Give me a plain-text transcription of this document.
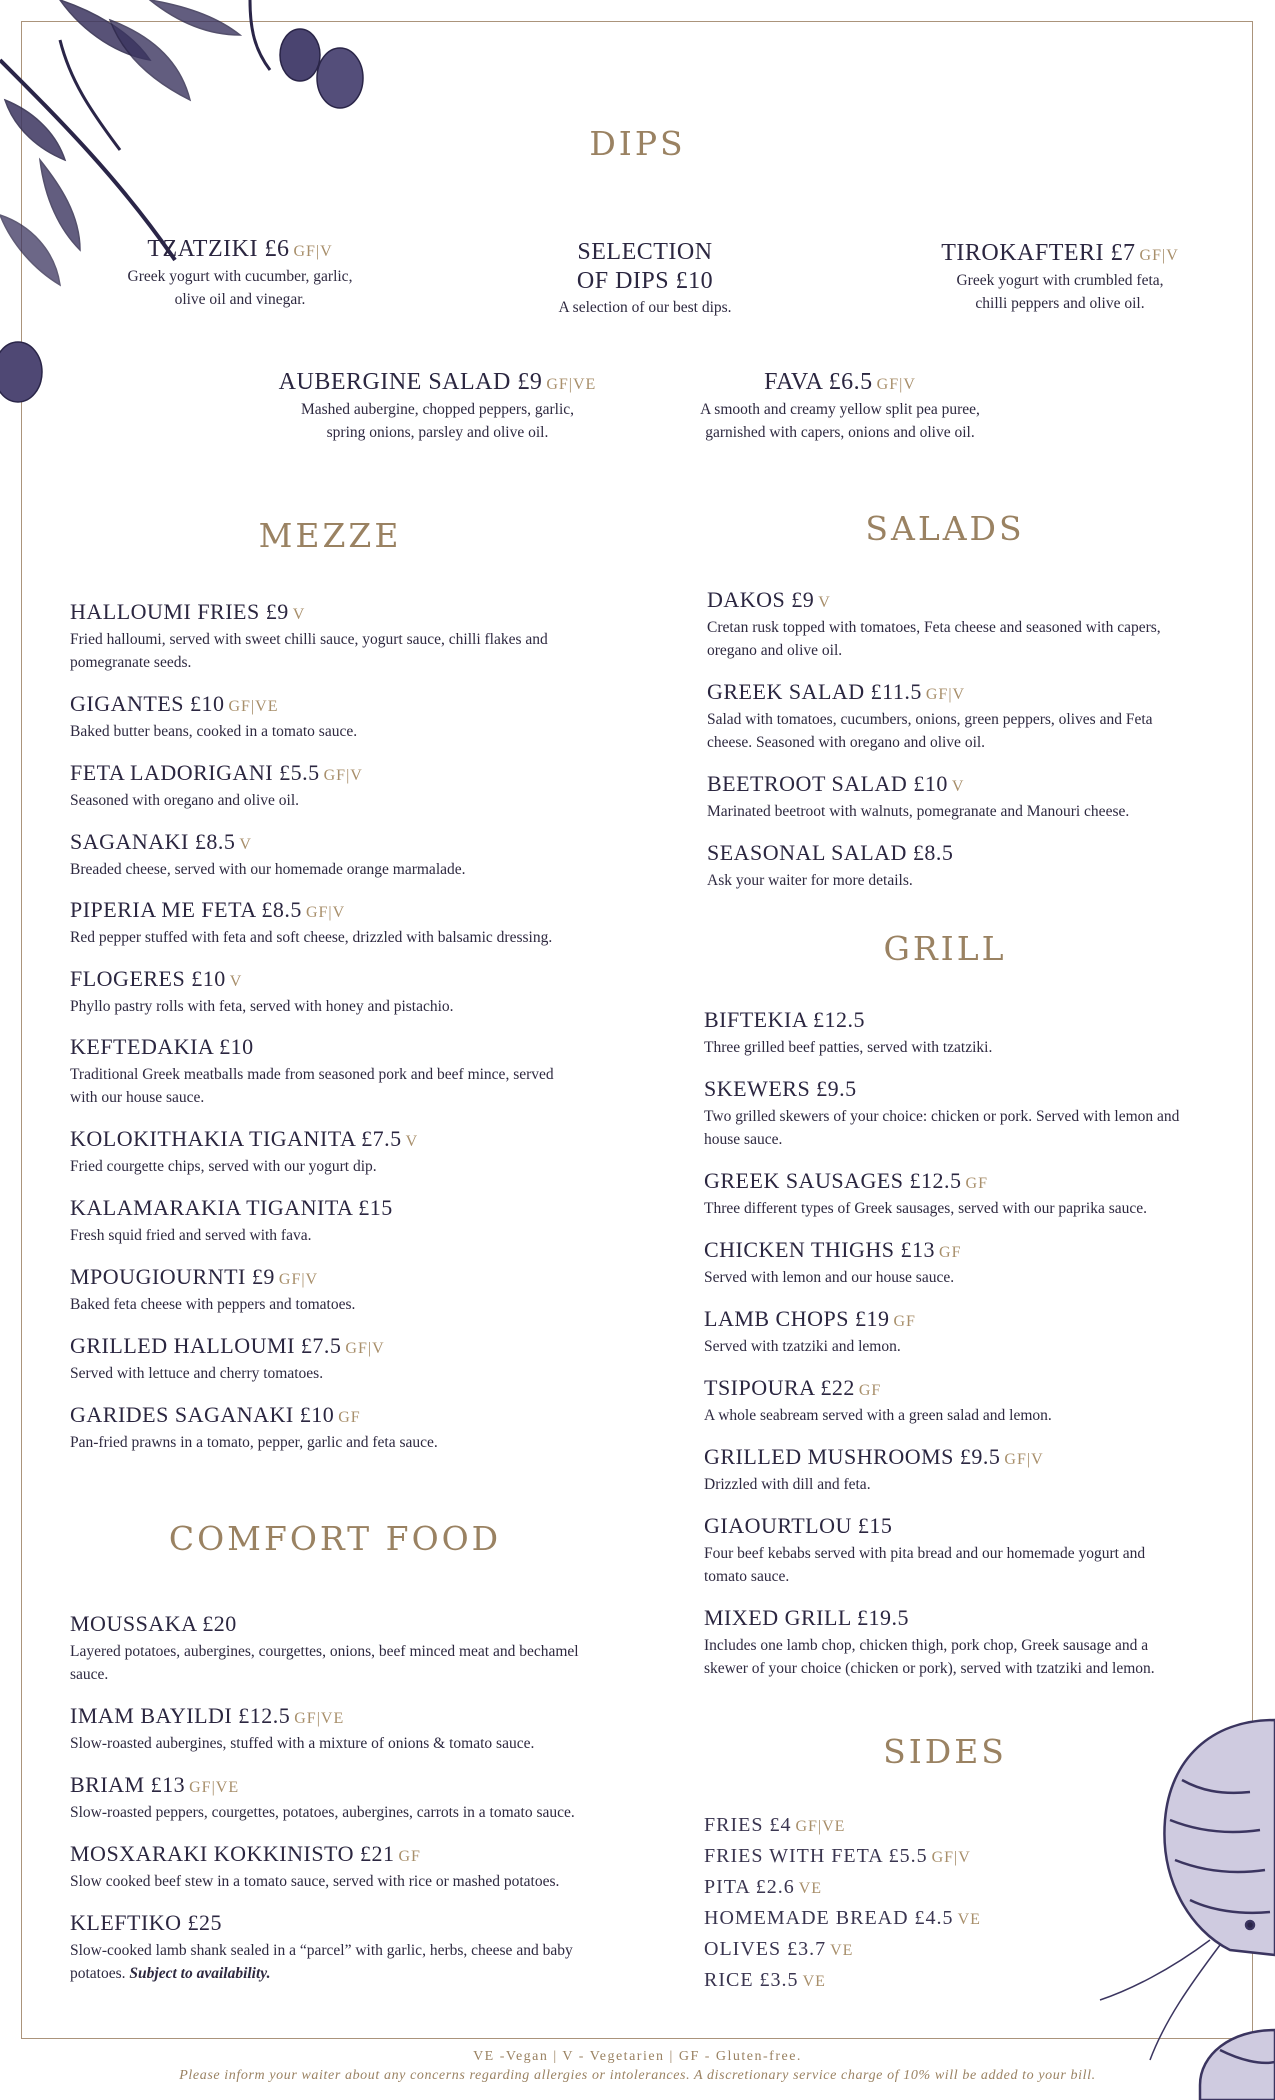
DIPS
TZATZIKI £6 GF|V
Greek yogurt with cucumber, garlic,
olive oil and vinegar.
SELECTION
OF DIPS £10
A selection of our best dips.
TIROKAFTERI £7 GF|V
Greek yogurt with crumbled feta,
chilli peppers and olive oil.
AUBERGINE SALAD £9 GF|VE
Mashed aubergine, chopped peppers, garlic,
spring onions, parsley and olive oil.
FAVA £6.5 GF|V
A smooth and creamy yellow split pea puree,
garnished with capers, onions and olive oil.
MEZZE
HALLOUMI FRIES £9 V
Fried halloumi, served with sweet chilli sauce, yogurt sauce, chilli flakes and pomegranate seeds.
GIGANTES £10 GF|VE
Baked butter beans, cooked in a tomato sauce.
FETA LADORIGANI £5.5 GF|V
Seasoned with oregano and olive oil.
SAGANAKI £8.5 V
Breaded cheese, served with our homemade orange marmalade.
PIPERIA ME FETA £8.5 GF|V
Red pepper stuffed with feta and soft cheese, drizzled with balsamic dressing.
FLOGERES £10 V
Phyllo pastry rolls with feta, served with honey and pistachio.
KEFTEDAKIA £10
Traditional Greek meatballs made from seasoned pork and beef mince, served with our house sauce.
KOLOKITHAKIA TIGANITA £7.5 V
Fried courgette chips, served with our yogurt dip.
KALAMARAKIA TIGANITA £15
Fresh squid fried and served with fava.
MPOUGIOURNTI £9 GF|V
Baked feta cheese with peppers and tomatoes.
GRILLED HALLOUMI £7.5 GF|V
Served with lettuce and cherry tomatoes.
GARIDES SAGANAKI £10 GF
Pan-fried prawns in a tomato, pepper, garlic and feta sauce.
COMFORT FOOD
MOUSSAKA £20
Layered potatoes, aubergines, courgettes, onions, beef minced meat and bechamel sauce.
IMAM BAYILDI £12.5 GF|VE
Slow-roasted aubergines, stuffed with a mixture of onions & tomato sauce.
BRIAM £13 GF|VE
Slow-roasted peppers, courgettes, potatoes, aubergines, carrots in a tomato sauce.
MOSXARAKI KOKKINISTO £21 GF
Slow cooked beef stew in a tomato sauce, served with rice or mashed potatoes.
KLEFTIKO £25
Slow-cooked lamb shank sealed in a “parcel” with garlic, herbs, cheese and baby potatoes. Subject to availability.
SALADS
DAKOS £9 V
Cretan rusk topped with tomatoes, Feta cheese and seasoned with capers, oregano and olive oil.
GREEK SALAD £11.5 GF|V
Salad with tomatoes, cucumbers, onions, green peppers, olives and Feta cheese. Seasoned with oregano and olive oil.
BEETROOT SALAD £10 V
Marinated beetroot with walnuts, pomegranate and Manouri cheese.
SEASONAL SALAD £8.5
Ask your waiter for more details.
GRILL
BIFTEKIA £12.5
Three grilled beef patties, served with tzatziki.
SKEWERS £9.5
Two grilled skewers of your choice: chicken or pork. Served with lemon and house sauce.
GREEK SAUSAGES £12.5 GF
Three different types of Greek sausages, served with our paprika sauce.
CHICKEN THIGHS £13 GF
Served with lemon and our house sauce.
LAMB CHOPS £19 GF
Served with tzatziki and lemon.
TSIPOURA £22 GF
A whole seabream served with a green salad and lemon.
GRILLED MUSHROOMS £9.5 GF|V
Drizzled with dill and feta.
GIAOURTLOU £15
Four beef kebabs served with pita bread and our homemade yogurt and tomato sauce.
MIXED GRILL £19.5
Includes one lamb chop, chicken thigh, pork chop, Greek sausage and a skewer of your choice (chicken or pork), served with tzatziki and lemon.
SIDES
FRIES £4 GF|VE
FRIES WITH FETA £5.5 GF|V
PITA £2.6 VE
HOMEMADE BREAD £4.5 VE
OLIVES £3.7 VE
RICE £3.5 VE
VE -Vegan | V - Vegetarien | GF - Gluten-free.
Please inform your waiter about any concerns regarding allergies or intolerances. A discretionary service charge of 10% will be added to your bill.
